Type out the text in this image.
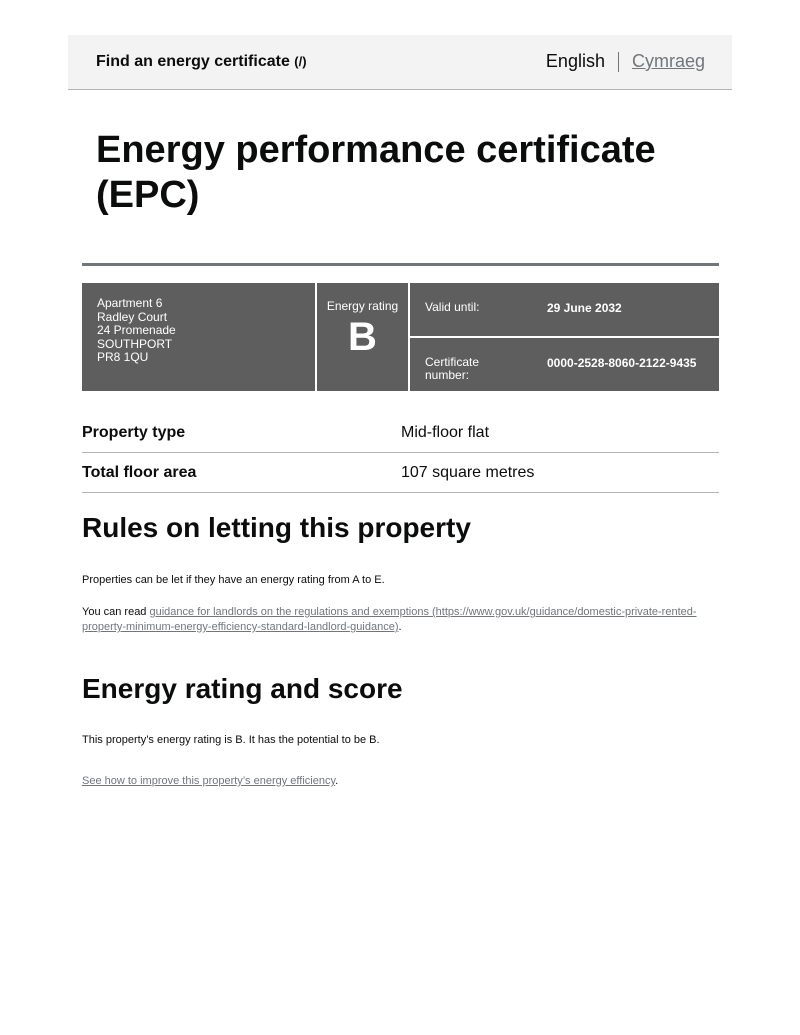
Find an energy certificate (/)	English Cymraeg
Energy performance certificate (EPC)
Apartment 6
Radley Court
24 Promenade
SOUTHPORT
PR8 1QU
Energy rating
B
Valid until:	29 June 2032
Certificate number:
0000-2528-8060-2122-9435
Property type	Mid-floor flat
Total floor area	107 square metres
Rules on letting this property

Properties can be let if they have an energy rating from A to E.

You can read guidance for landlords on the regulations and exemptions (https://www.gov.uk/guidance/domestic-private-rented-property-minimum-energy-efficiency-standard-landlord-guidance).

Energy rating and score

This property’s energy rating is B. It has the potential to be B.

See how to improve this property’s energy efficiency.
